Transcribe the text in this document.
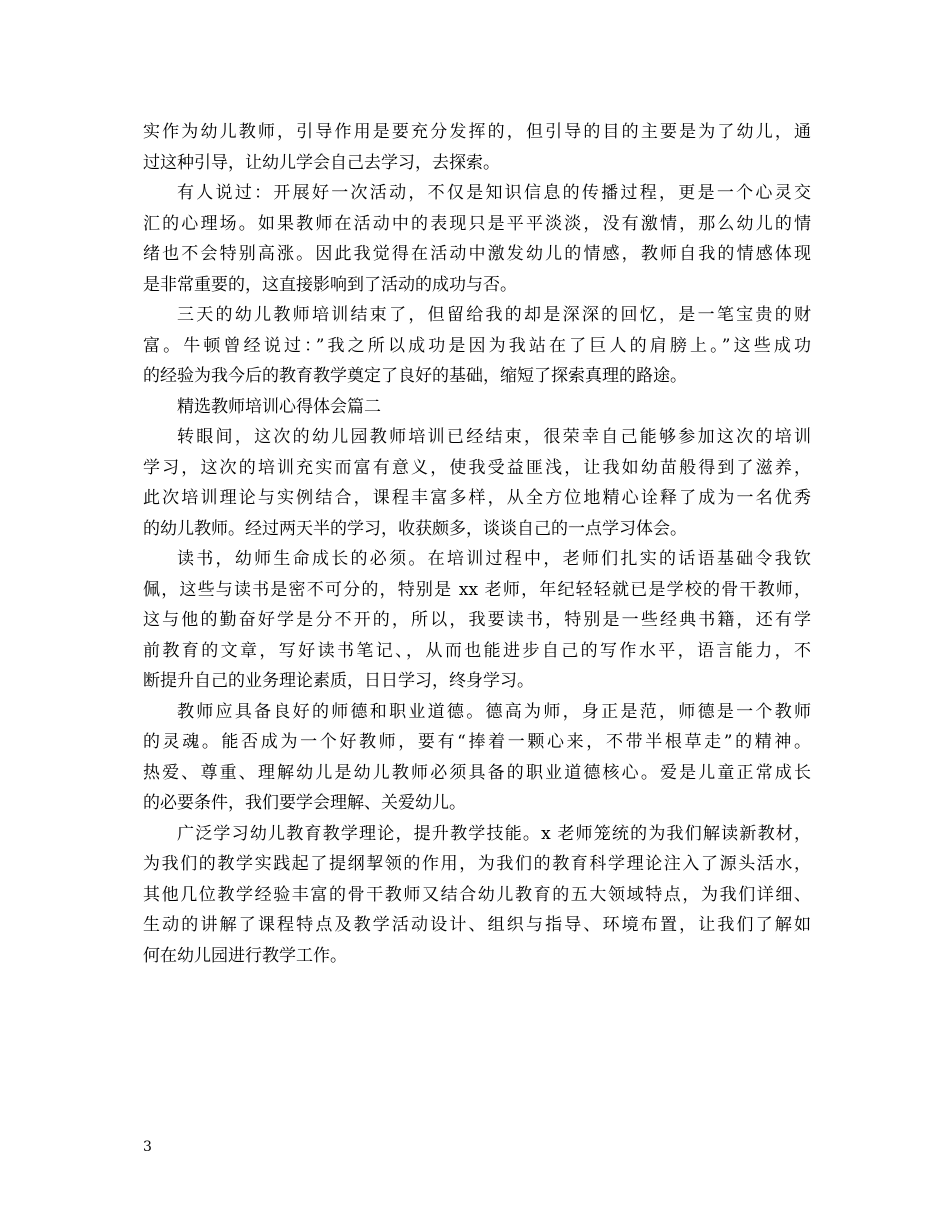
实作为幼儿教师，引导作用是要充分发挥的，但引导的目的主要是为了幼儿，通
过这种引导，让幼儿学会自己去学习，去探索。
有人说过：开展好一次活动，不仅是知识信息的传播过程，更是一个心灵交
汇的心理场。如果教师在活动中的表现只是平平淡淡，没有激情，那么幼儿的情
绪也不会特别高涨。因此我觉得在活动中激发幼儿的情感，教师自我的情感体现
是非常重要的，这直接影响到了活动的成功与否。
三天的幼儿教师培训结束了，但留给我的却是深深的回忆，是一笔宝贵的财
富。牛顿曾经说过：”我之所以成功是因为我站在了巨人的肩膀上。”这些成功
的经验为我今后的教育教学奠定了良好的基础，缩短了探索真理的路途。
精选教师培训心得体会篇二
转眼间，这次的幼儿园教师培训已经结束，很荣幸自己能够参加这次的培训
学习，这次的培训充实而富有意义，使我受益匪浅，让我如幼苗般得到了滋养，
此次培训理论与实例结合，课程丰富多样，从全方位地精心诠释了成为一名优秀
的幼儿教师。经过两天半的学习，收获颇多，谈谈自己的一点学习体会。
读书，幼师生命成长的必须。在培训过程中，老师们扎实的话语基础令我钦
佩，这些与读书是密不可分的，特别是 xx 老师，年纪轻轻就已是学校的骨干教师，
这与他的勤奋好学是分不开的，所以，我要读书，特别是一些经典书籍，还有学
前教育的文章，写好读书笔记、，从而也能进步自己的写作水平，语言能力，不
断提升自己的业务理论素质，日日学习，终身学习。
教师应具备良好的师德和职业道德。德高为师，身正是范，师德是一个教师
的灵魂。能否成为一个好教师，要有“捧着一颗心来，不带半根草走”的精神。
热爱、尊重、理解幼儿是幼儿教师必须具备的职业道德核心。爱是儿童正常成长
的必要条件，我们要学会理解、关爱幼儿。
广泛学习幼儿教育教学理论，提升教学技能。x 老师笼统的为我们解读新教材，
为我们的教学实践起了提纲挈领的作用，为我们的教育科学理论注入了源头活水，
其他几位教学经验丰富的骨干教师又结合幼儿教育的五大领域特点，为我们详细、
生动的讲解了课程特点及教学活动设计、组织与指导、环境布置，让我们了解如
何在幼儿园进行教学工作。
3
